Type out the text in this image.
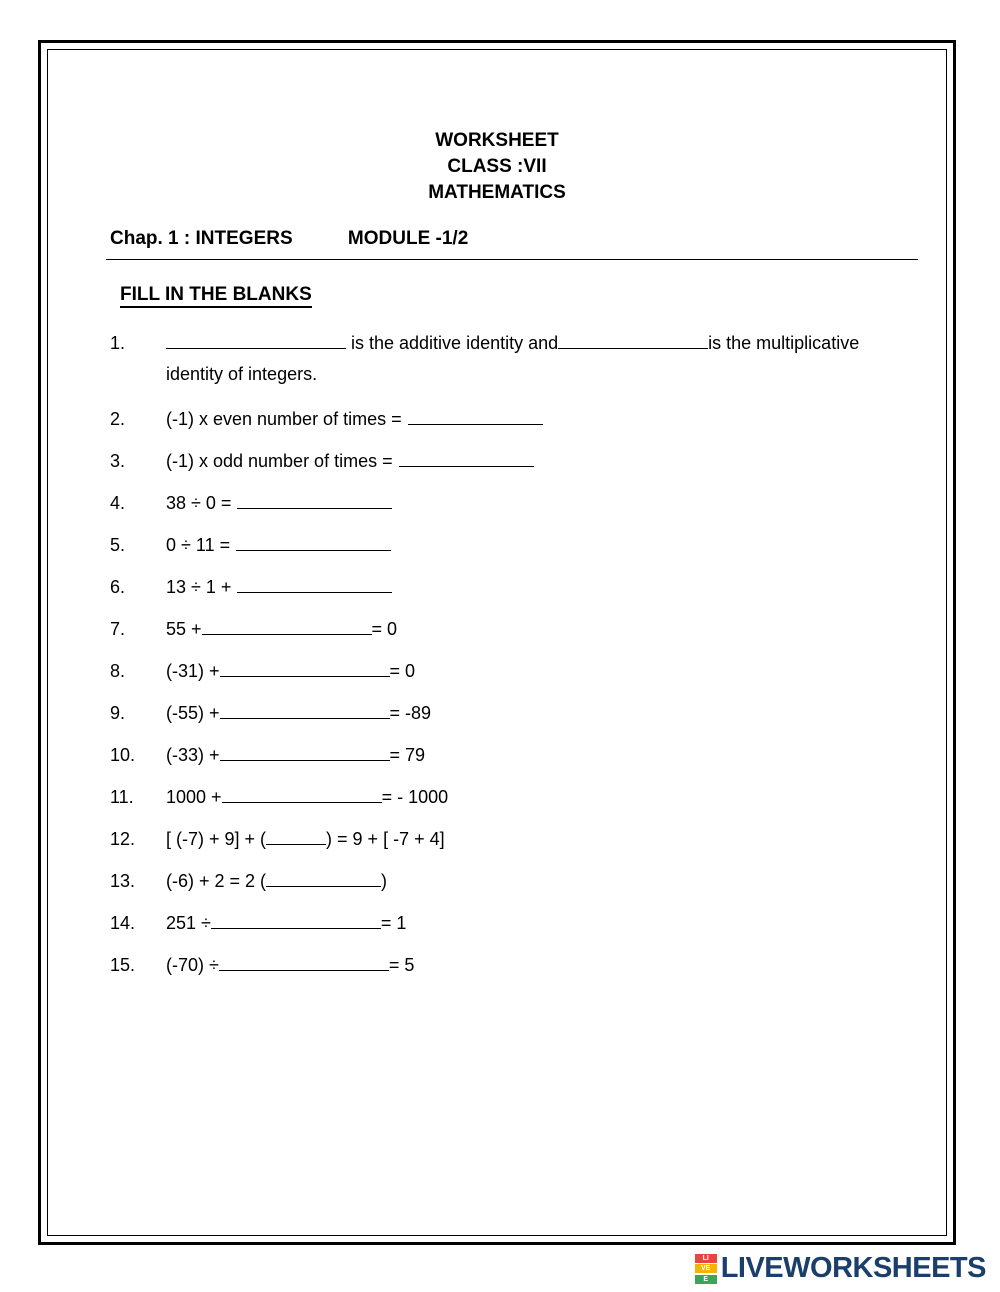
WORKSHEET
CLASS :VII
MATHEMATICS
Chap. 1 : INTEGERS	MODULE -1/2
FILL IN THE BLANKS
1.	is the additive identity and	is the multiplicative identity of integers.
2.	(-1) x even number of times =
3.	(-1) x odd number of times =
4.	38 ÷ 0 =
5.	0 ÷ 11 =
6.	13 ÷ 1 +
7.	55 +	= 0
8.	(-31) +	= 0
9.	(-55) +	= -89
10.	(-33) +	= 79
11.	1000 +	= - 1000
12.	[ (-7) + 9] + (	) = 9 + [ -7 + 4]
13.	(-6) + 2 = 2 (	)
14.	251 ÷	= 1
15.	(-70) ÷	= 5
LI
VE
E LIVEWORKSHEETS
